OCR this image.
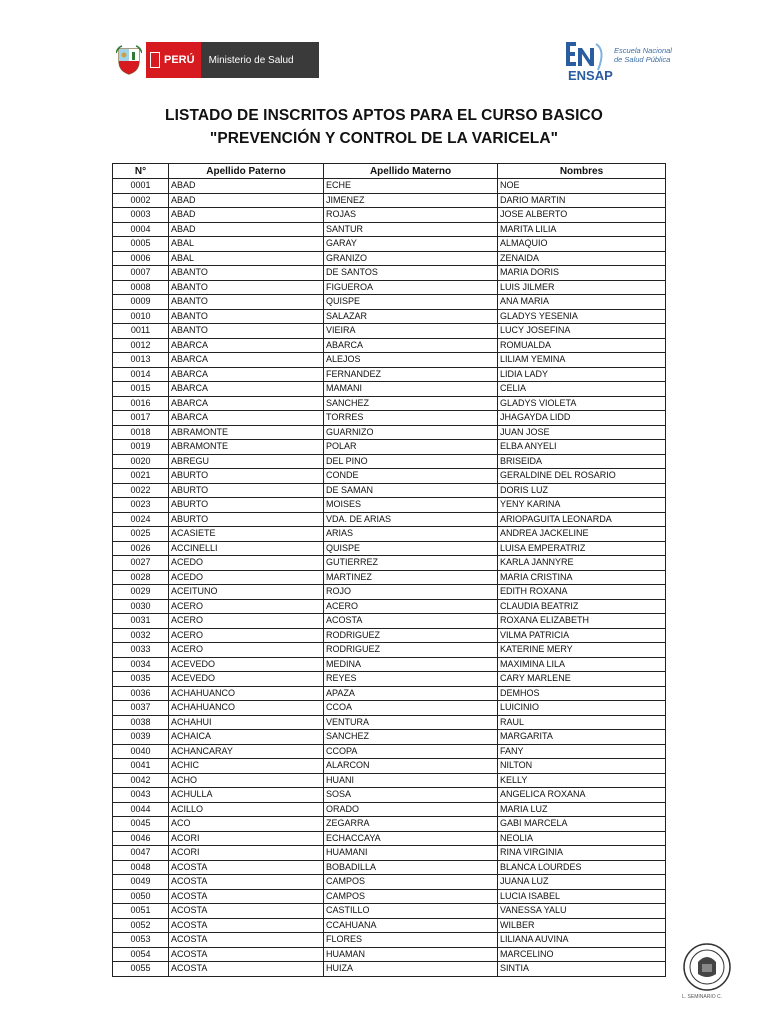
PERÚ Ministerio de Salud
ENSAP
Escuela Nacional
de Salud Pública
LISTADO DE INSCRITOS APTOS PARA EL CURSO BASICO
"PREVENCIÓN Y CONTROL DE LA VARICELA"
N°	Apellido Paterno	Apellido Materno	Nombres
0001	ABAD	ECHE	NOE
0002	ABAD	JIMENEZ	DARIO MARTIN
0003	ABAD	ROJAS	JOSE ALBERTO
0004	ABAD	SANTUR	MARITA LILIA
0005	ABAL	GARAY	ALMAQUIO
0006	ABAL	GRANIZO	ZENAIDA
0007	ABANTO	DE SANTOS	MARIA DORIS
0008	ABANTO	FIGUEROA	LUIS JILMER
0009	ABANTO	QUISPE	ANA MARIA
0010	ABANTO	SALAZAR	GLADYS YESENIA
0011	ABANTO	VIEIRA	LUCY JOSEFINA
0012	ABARCA	ABARCA	ROMUALDA
0013	ABARCA	ALEJOS	LILIAM YEMINA
0014	ABARCA	FERNANDEZ	LIDIA LADY
0015	ABARCA	MAMANI	CELIA
0016	ABARCA	SANCHEZ	GLADYS VIOLETA
0017	ABARCA	TORRES	JHAGAYDA LIDD
0018	ABRAMONTE	GUARNIZO	JUAN JOSE
0019	ABRAMONTE	POLAR	ELBA ANYELI
0020	ABREGU	DEL PINO	BRISEIDA
0021	ABURTO	CONDE	GERALDINE DEL ROSARIO
0022	ABURTO	DE SAMAN	DORIS LUZ
0023	ABURTO	MOISES	YENY KARINA
0024	ABURTO	VDA. DE ARIAS	ARIOPAGUITA LEONARDA
0025	ACASIETE	ARIAS	ANDREA JACKELINE
0026	ACCINELLI	QUISPE	LUISA EMPERATRIZ
0027	ACEDO	GUTIERREZ	KARLA JANNYRE
0028	ACEDO	MARTINEZ	MARIA CRISTINA
0029	ACEITUNO	ROJO	EDITH ROXANA
0030	ACERO	ACERO	CLAUDIA BEATRIZ
0031	ACERO	ACOSTA	ROXANA ELIZABETH
0032	ACERO	RODRIGUEZ	VILMA PATRICIA
0033	ACERO	RODRIGUEZ	KATERINE MERY
0034	ACEVEDO	MEDINA	MAXIMINA LILA
0035	ACEVEDO	REYES	CARY MARLENE
0036	ACHAHUANCO	APAZA	DEMHOS
0037	ACHAHUANCO	CCOA	LUICINIO
0038	ACHAHUI	VENTURA	RAUL
0039	ACHAICA	SANCHEZ	MARGARITA
0040	ACHANCARAY	CCOPA	FANY
0041	ACHIC	ALARCON	NILTON
0042	ACHO	HUANI	KELLY
0043	ACHULLA	SOSA	ANGELICA ROXANA
0044	ACILLO	ORADO	MARIA LUZ
0045	ACO	ZEGARRA	GABI MARCELA
0046	ACORI	ECHACCAYA	NEOLIA
0047	ACORI	HUAMANI	RINA VIRGINIA
0048	ACOSTA	BOBADILLA	BLANCA LOURDES
0049	ACOSTA	CAMPOS	JUANA LUZ
0050	ACOSTA	CAMPOS	LUCIA ISABEL
0051	ACOSTA	CASTILLO	VANESSA YALU
0052	ACOSTA	CCAHUANA	WILBER
0053	ACOSTA	FLORES	LILIANA AUVINA
0054	ACOSTA	HUAMAN	MARCELINO
0055	ACOSTA	HUIZA	SINTIA
L. SEMINARIO C.
